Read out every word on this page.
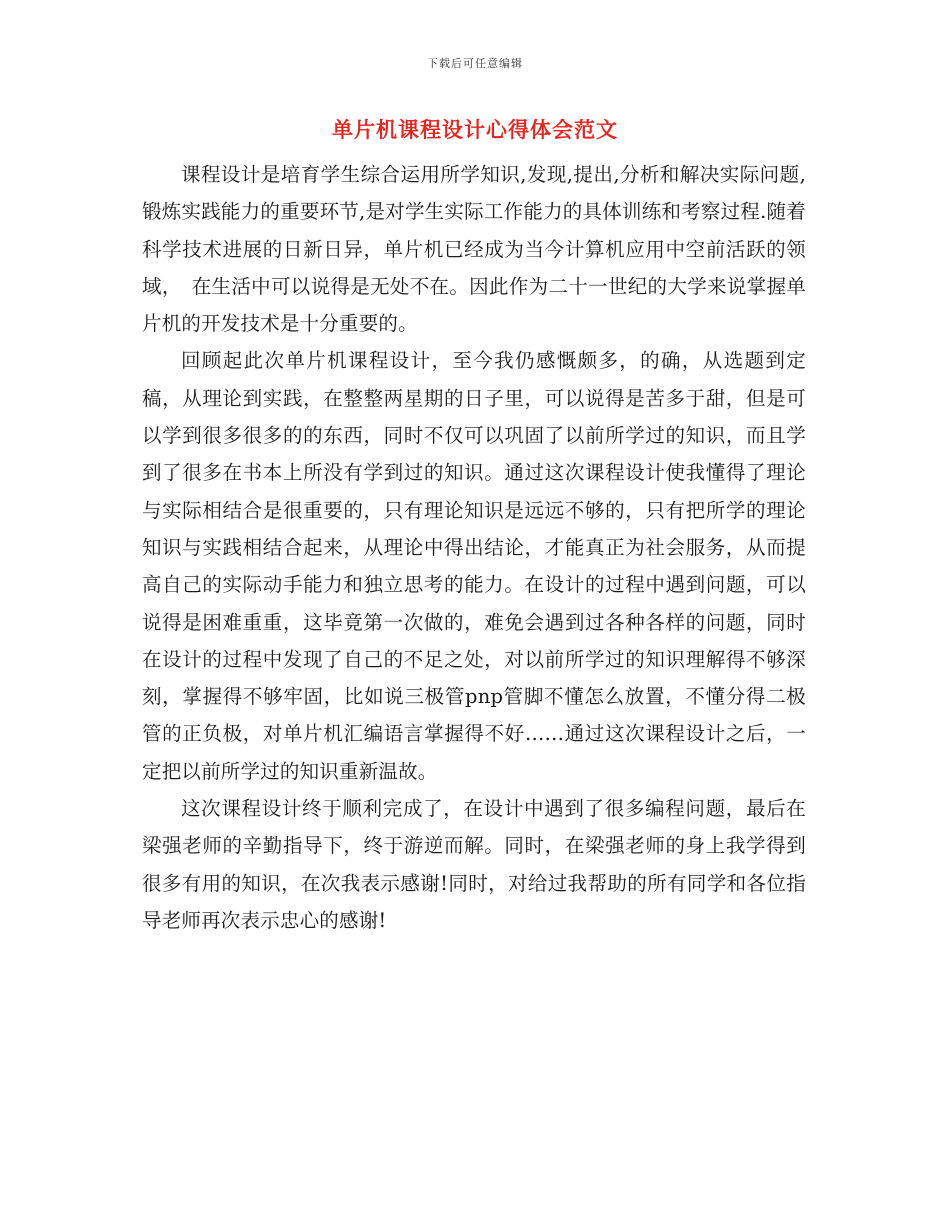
下载后可任意编辑
单片机课程设计心得体会范文

课程设计是培育学生综合运用所学知识,发现,提出,分析和解决实际问题,锻炼实践能力的重要环节,是对学生实际工作能力的具体训练和考察过程.随着科学技术进展的日新日异，单片机已经成为当今计算机应用中空前活跃的领域，　在生活中可以说得是无处不在。因此作为二十一世纪的大学来说掌握单片机的开发技术是十分重要的。

回顾起此次单片机课程设计，至今我仍感慨颇多，的确，从选题到定稿，从理论到实践，在整整两星期的日子里，可以说得是苦多于甜，但是可以学到很多很多的的东西，同时不仅可以巩固了以前所学过的知识，而且学到了很多在书本上所没有学到过的知识。通过这次课程设计使我懂得了理论与实际相结合是很重要的，只有理论知识是远远不够的，只有把所学的理论知识与实践相结合起来，从理论中得出结论，才能真正为社会服务，从而提高自己的实际动手能力和独立思考的能力。在设计的过程中遇到问题，可以说得是困难重重，这毕竟第一次做的，难免会遇到过各种各样的问题，同时在设计的过程中发现了自己的不足之处，对以前所学过的知识理解得不够深刻，掌握得不够牢固，比如说三极管pnp管脚不懂怎么放置，不懂分得二极管的正负极，对单片机汇编语言掌握得不好……通过这次课程设计之后，一定把以前所学过的知识重新温故。

这次课程设计终于顺利完成了，在设计中遇到了很多编程问题，最后在梁强老师的辛勤指导下，终于游逆而解。同时，在梁强老师的身上我学得到很多有用的知识，在次我表示感谢!同时，对给过我帮助的所有同学和各位指导老师再次表示忠心的感谢!
